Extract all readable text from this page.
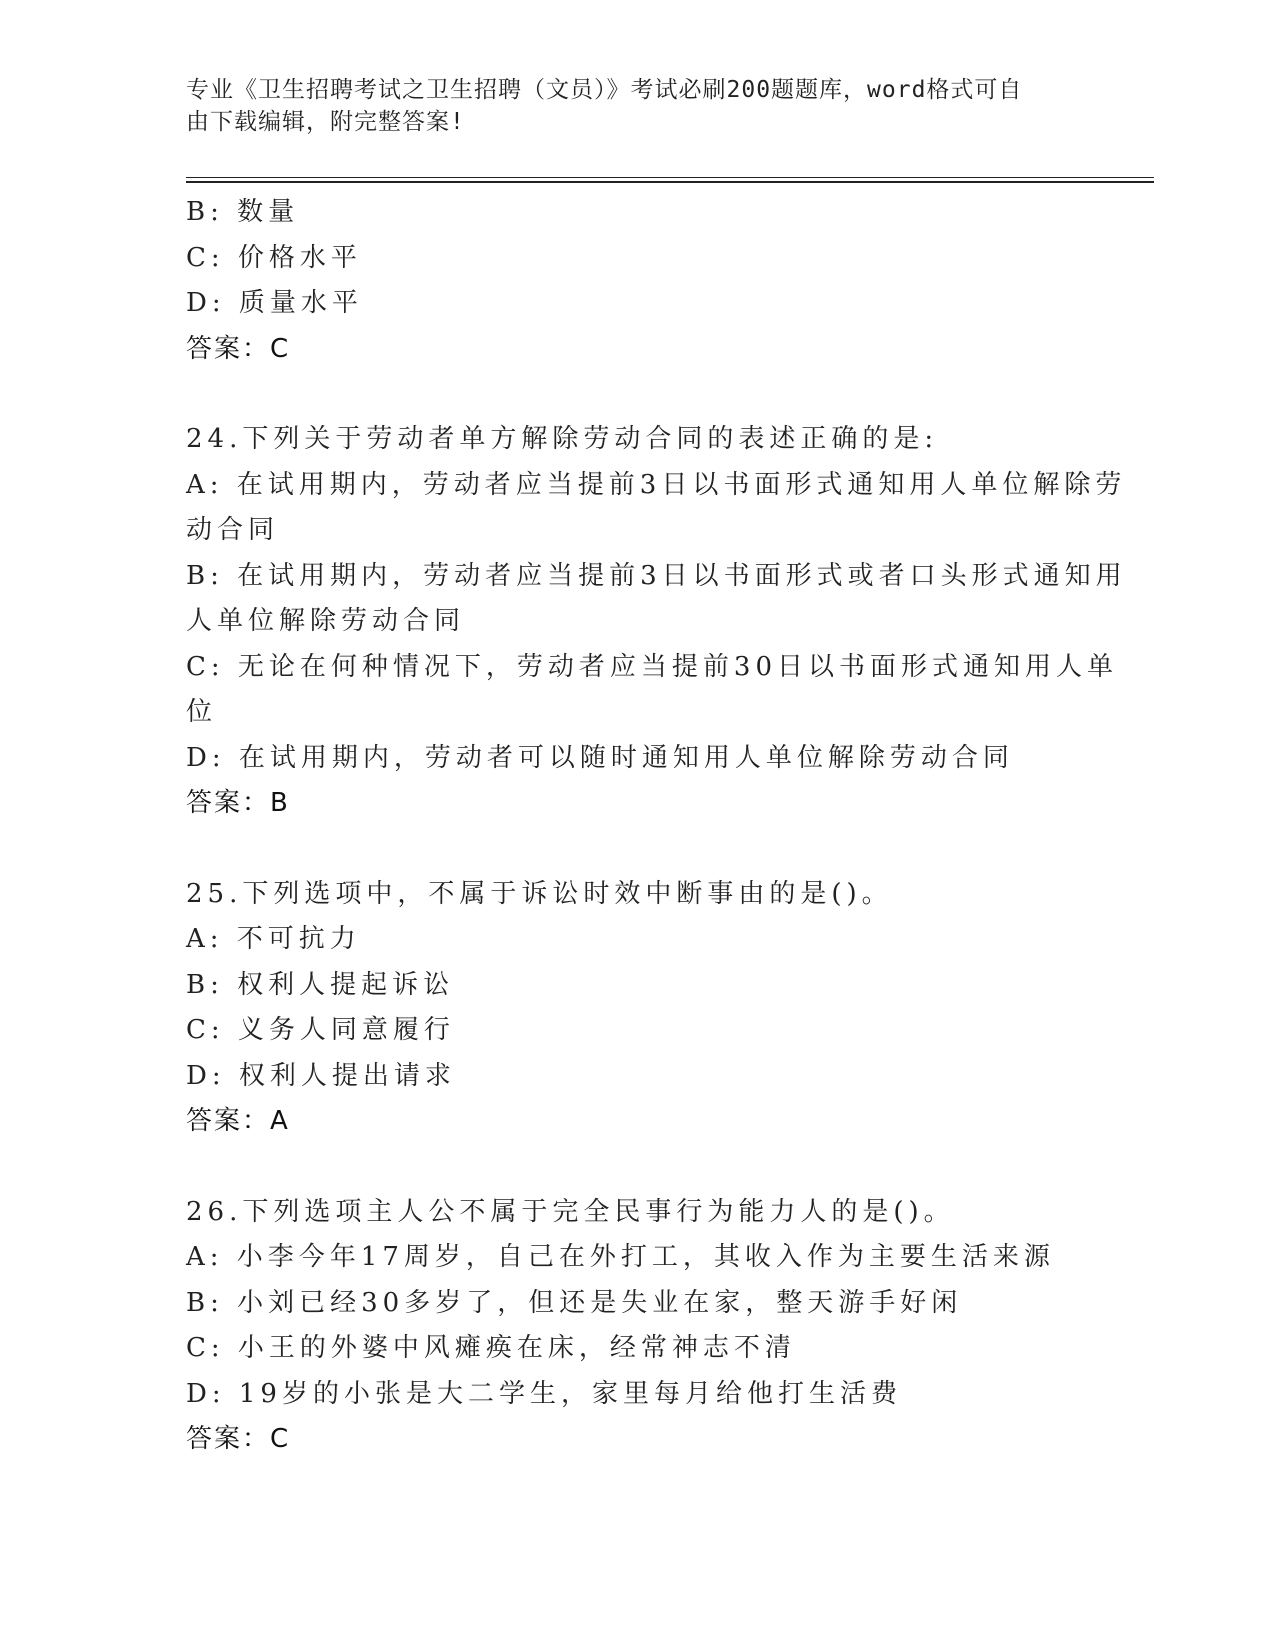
专业《卫生招聘考试之卫生招聘（文员）》考试必刷200题题库，word格式可自
由下载编辑，附完整答案!
B: 数量
C: 价格水平
D: 质量水平
答案：C
24.下列关于劳动者单方解除劳动合同的表述正确的是:
A: 在试用期内，劳动者应当提前3日以书面形式通知用人单位解除劳
动合同
B: 在试用期内，劳动者应当提前3日以书面形式或者口头形式通知用
人单位解除劳动合同
C: 无论在何种情况下，劳动者应当提前30日以书面形式通知用人单
位
D: 在试用期内，劳动者可以随时通知用人单位解除劳动合同
答案：B
25.下列选项中，不属于诉讼时效中断事由的是()。
A: 不可抗力
B: 权利人提起诉讼
C: 义务人同意履行
D: 权利人提出请求
答案：A
26.下列选项主人公不属于完全民事行为能力人的是()。
A: 小李今年17周岁，自己在外打工，其收入作为主要生活来源
B: 小刘已经30多岁了，但还是失业在家，整天游手好闲
C: 小王的外婆中风瘫痪在床，经常神志不清
D: 19岁的小张是大二学生，家里每月给他打生活费
答案：C
